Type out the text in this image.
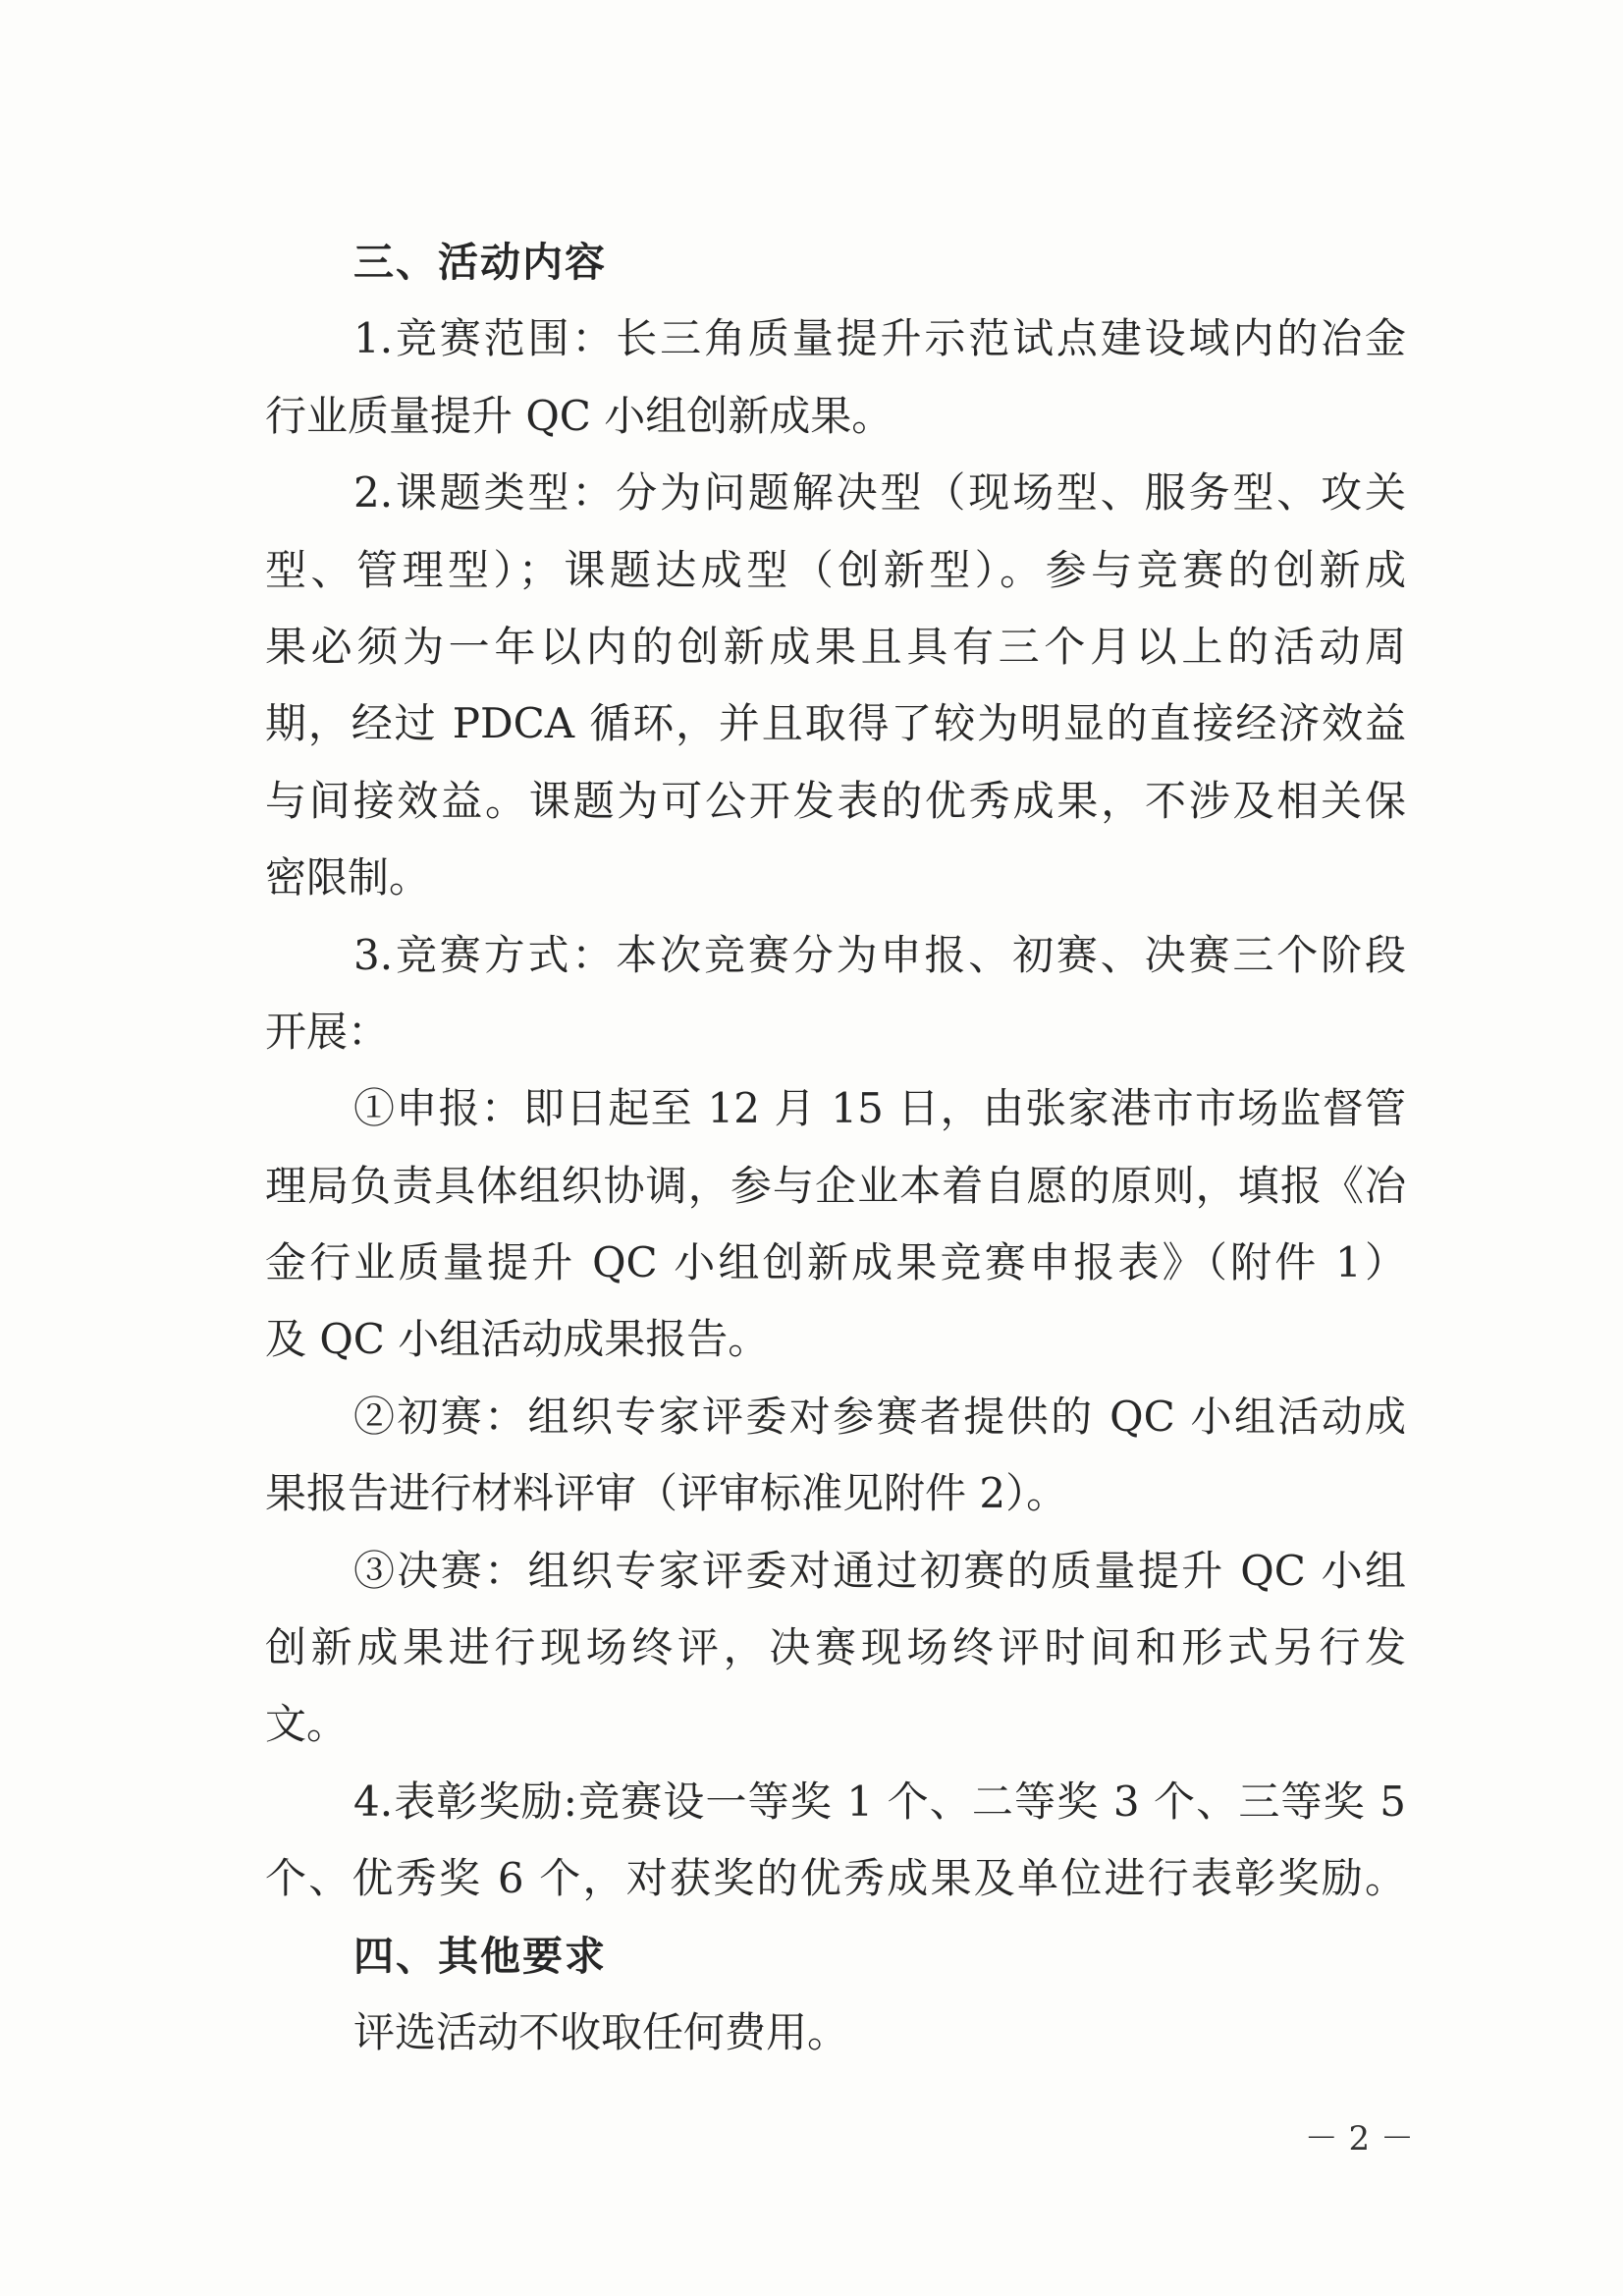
三、活动内容
1.竞赛范围：长三角质量提升示范试点建设域内的冶金
行业质量提升 QC 小组创新成果。
2.课题类型：分为问题解决型（现场型、服务型、攻关
型、管理型）；课题达成型（创新型）。参与竞赛的创新成
果必须为一年以内的创新成果且具有三个月以上的活动周
期，经过 PDCA 循环，并且取得了较为明显的直接经济效益
与间接效益。课题为可公开发表的优秀成果，不涉及相关保
密限制。
3.竞赛方式：本次竞赛分为申报、初赛、决赛三个阶段
开展：
①申报：即日起至 12 月 15 日，由张家港市市场监督管
理局负责具体组织协调，参与企业本着自愿的原则，填报《冶
金行业质量提升 QC 小组创新成果竞赛申报表》（附件 1）
及 QC 小组活动成果报告。
②初赛：组织专家评委对参赛者提供的 QC 小组活动成
果报告进行材料评审（评审标准见附件 2）。
③决赛：组织专家评委对通过初赛的质量提升 QC 小组
创新成果进行现场终评，决赛现场终评时间和形式另行发
文。
4.表彰奖励:竞赛设一等奖 1 个、二等奖 3 个、三等奖 5
个、优秀奖 6 个，对获奖的优秀成果及单位进行表彰奖励。
四、其他要求
评选活动不收取任何费用。
－ 2 －
